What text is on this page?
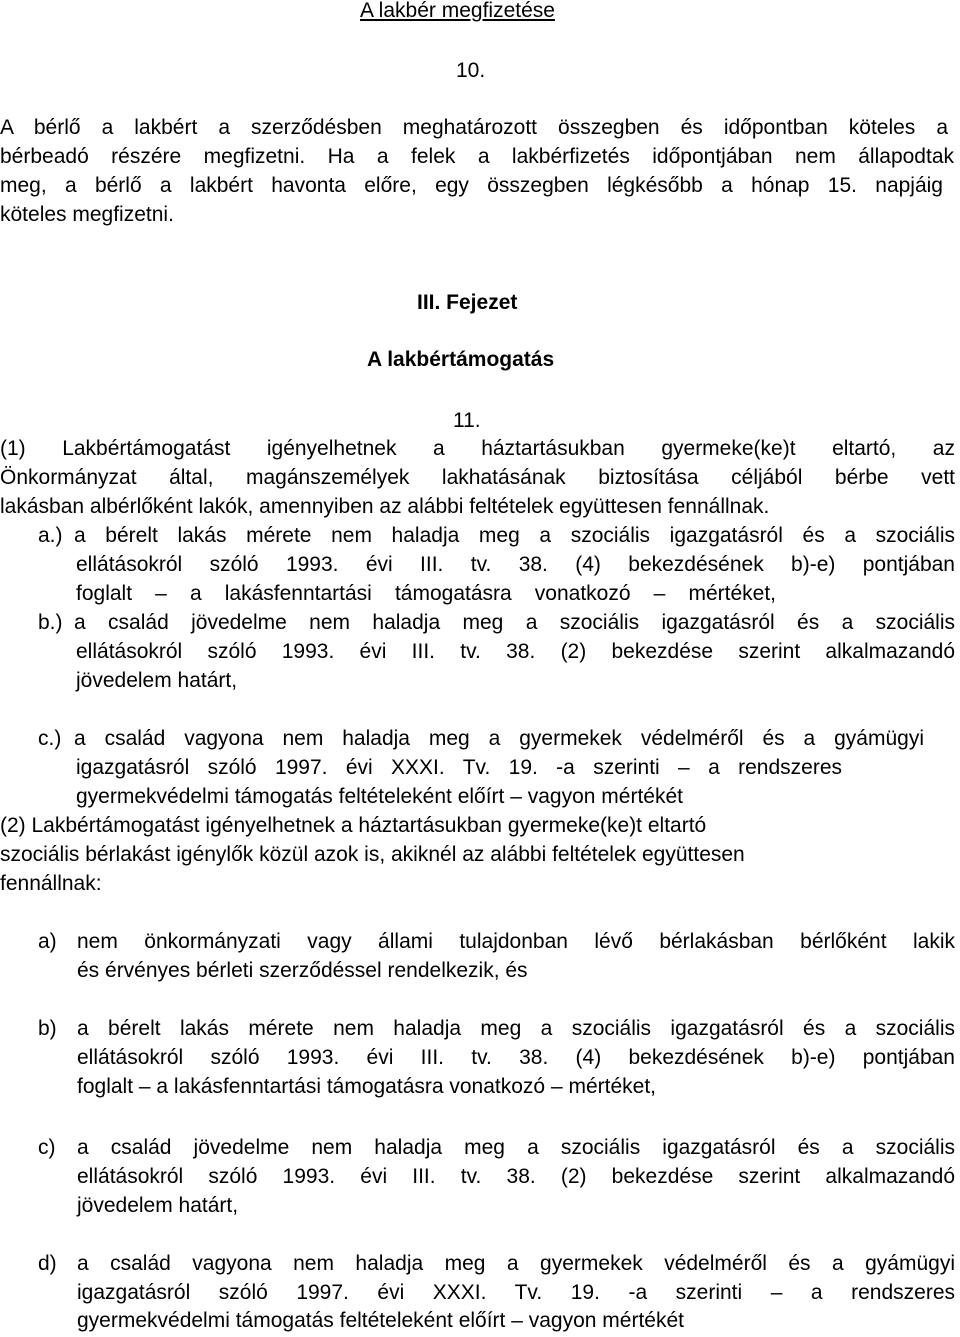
A lakbér megfizetése
10.
A bérlő a lakbért a szerződésben meghatározott összegben és időpontban köteles a
bérbeadó részére megfizetni. Ha a felek a lakbérfizetés időpontjában nem állapodtak
meg, a bérlő a lakbért havonta előre, egy összegben légkésőbb a hónap 15. napjáig
köteles megfizetni.
III. Fejezet
A lakbértámogatás
11.
(1) Lakbértámogatást igényelhetnek a háztartásukban gyermeke(ke)t eltartó, az
Önkormányzat által, magánszemélyek lakhatásának biztosítása céljából bérbe vett
lakásban albérlőként lakók, amennyiben az alábbi feltételek együttesen fennállnak.
a.) a bérelt lakás mérete nem haladja meg a szociális igazgatásról és a szociális
ellátásokról szóló 1993. évi III. tv. 38. (4) bekezdésének b)-e) pontjában
foglalt – a lakásfenntartási támogatásra vonatkozó – mértéket,
b.) a család jövedelme nem haladja meg a szociális igazgatásról és a szociális
ellátásokról szóló 1993. évi III. tv. 38. (2) bekezdése szerint alkalmazandó
jövedelem határt,
c.) a család vagyona nem haladja meg a gyermekek védelméről és a gyámügyi
igazgatásról szóló 1997. évi XXXI. Tv. 19. -a szerinti – a rendszeres
gyermekvédelmi támogatás feltételeként előírt – vagyon mértékét
(2) Lakbértámogatást igényelhetnek a háztartásukban gyermeke(ke)t eltartó
szociális bérlakást igénylők közül azok is, akiknél az alábbi feltételek együttesen
fennállnak:
a) nem önkormányzati vagy állami tulajdonban lévő bérlakásban bérlőként lakik
és érvényes bérleti szerződéssel rendelkezik, és
b) a bérelt lakás mérete nem haladja meg a szociális igazgatásról és a szociális
ellátásokról szóló 1993. évi III. tv. 38. (4) bekezdésének b)-e) pontjában
foglalt – a lakásfenntartási támogatásra vonatkozó – mértéket,
c) a család jövedelme nem haladja meg a szociális igazgatásról és a szociális
ellátásokról szóló 1993. évi III. tv. 38. (2) bekezdése szerint alkalmazandó
jövedelem határt,
d) a család vagyona nem haladja meg a gyermekek védelméről és a gyámügyi
igazgatásról szóló 1997. évi XXXI. Tv. 19. -a szerinti – a rendszeres
gyermekvédelmi támogatás feltételeként előírt – vagyon mértékét
